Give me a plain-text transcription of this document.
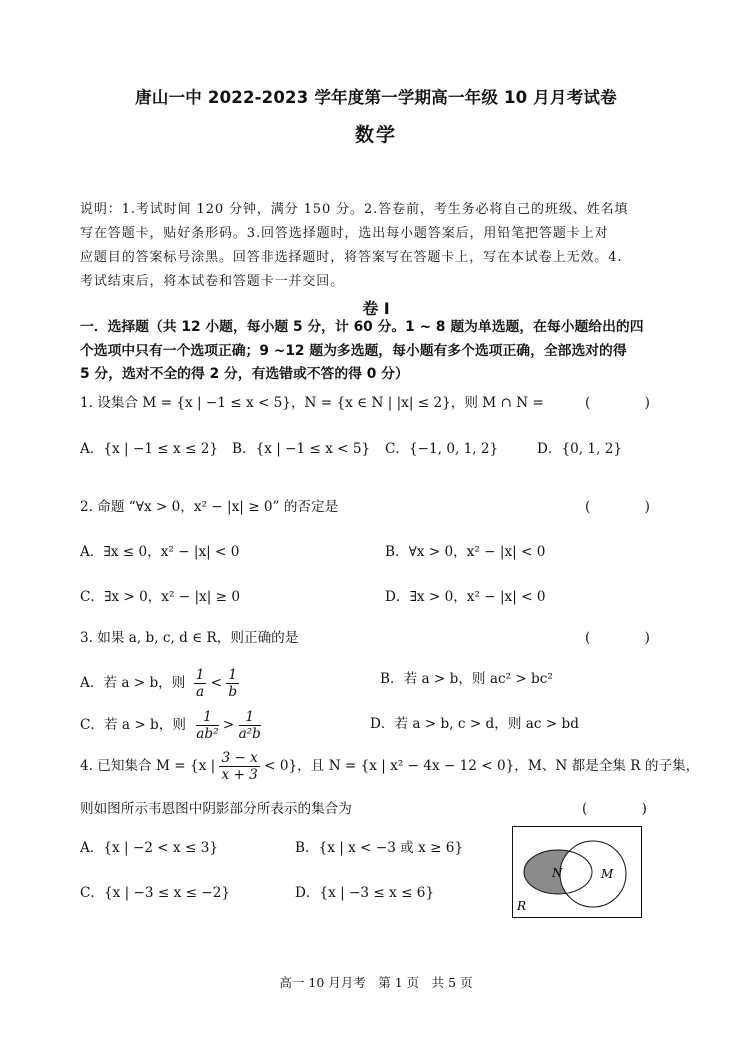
唐山一中 2022-2023 学年度第一学期高一年级 10 月月考试卷
数学
说明：1.考试时间 120 分钟，满分 150 分。2.答卷前，考生务必将自己的班级、姓名填
写在答题卡，贴好条形码。3.回答选择题时，选出每小题答案后，用铅笔把答题卡上对
应题目的答案标号涂黑。回答非选择题时，将答案写在答题卡上，写在本试卷上无效。4.
考试结束后，将本试卷和答题卡一并交回。
卷 I
一．选择题（共 12 小题，每小题 5 分，计 60 分。1 ~ 8 题为单选题，在每小题给出的四
个选项中只有一个选项正确；9 ~12 题为多选题，每小题有多个选项正确，全部选对的得
5 分，选对不全的得 2 分，有选错或不答的得 0 分）
1. 设集合 M = {x | −1 ≤ x < 5}，N = {x ∈ N | |x| ≤ 2}，则 M ∩ N =	(　　　　)
A．{x | −1 ≤ x ≤ 2} B．{x | −1 ≤ x < 5} C．{−1, 0, 1, 2}	D．{0, 1, 2}
2. 命题 “∀x > 0，x² − |x| ≥ 0” 的否定是	(　　　　)
A．∃x ≤ 0，x² − |x| < 0	B．∀x > 0，x² − |x| < 0
C．∃x > 0，x² − |x| ≥ 0	D．∃x > 0，x² − |x| < 0
3. 如果 a, b, c, d ∈ R，则正确的是	(　　　　)
A．若 a > b，则 $\frac{1}{a} < \frac{1}{b}$	B．若 a > b，则 ac² > bc²
C．若 a > b，则 $\frac{1}{\text{ab²}} > \frac{1}{\text{a²b}}$	D．若 a > b, c > d，则 ac > bd
4. 已知集合 M = {x | $\frac{3 - x}{x + 3} < 0$}，且 N = {x | x² − 4x − 12 < 0}，M、N 都是全集 R 的子集，
则如图所示韦恩图中阴影部分所表示的集合为	(　　　　)
A．{x | −2 < x ≤ 3}	B．{x | x < −3 或 x ≥ 6}
C．{x | −3 ≤ x ≤ −2}	D．{x | −3 ≤ x ≤ 6}
N	M
R
高一 10 月月考　第 1 页　共 5 页
